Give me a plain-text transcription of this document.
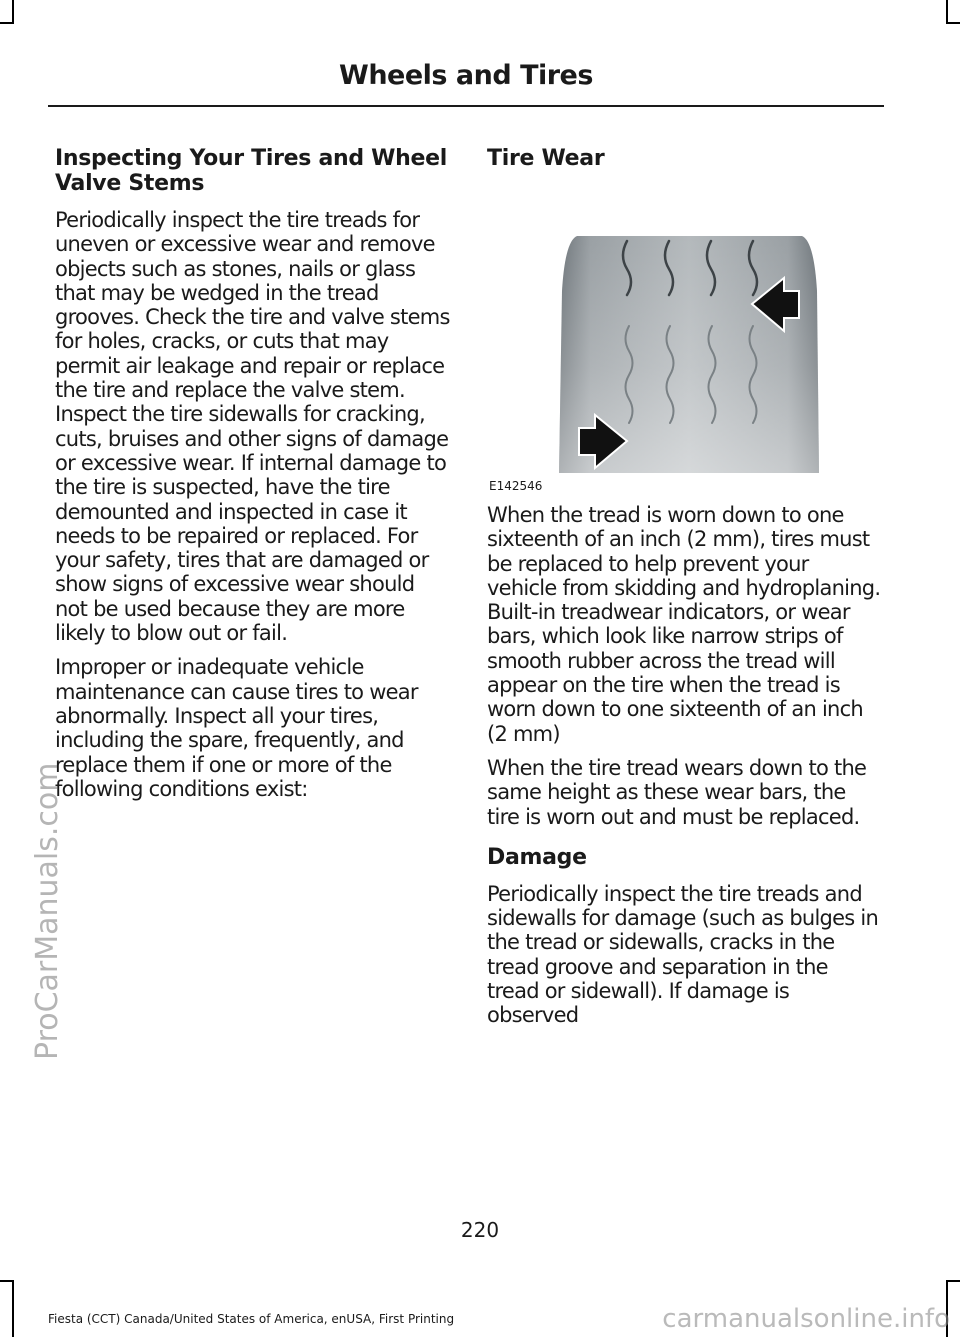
Wheels and Tires
Inspecting Your Tires and Wheel Valve Stems

Periodically inspect the tire treads for uneven or excessive wear and remove objects such as stones, nails or glass that may be wedged in the tread grooves. Check the tire and valve stems for holes, cracks, or cuts that may permit air leakage and repair or replace the tire and replace the valve stem. Inspect the tire sidewalls for cracking, cuts, bruises and other signs of damage or excessive wear. If internal damage to the tire is suspected, have the tire demounted and inspected in case it needs to be repaired or replaced. For your safety, tires that are damaged or show signs of excessive wear should not be used because they are more likely to blow out or fail.

Improper or inadequate vehicle maintenance can cause tires to wear abnormally. Inspect all your tires, including the spare, frequently, and replace them if one or more of the following conditions exist:

Tire Wear
E142546

When the tread is worn down to one sixteenth of an inch (2 mm), tires must be replaced to help prevent your vehicle from skidding and hydroplaning. Built-in treadwear indicators, or wear bars, which look like narrow strips of smooth rubber across the tread will appear on the tire when the tread is worn down to one sixteenth of an inch (2 mm)

When the tire tread wears down to the same height as these wear bars, the tire is worn out and must be replaced.

Damage

Periodically inspect the tire treads and sidewalls for damage (such as bulges in the tread or sidewalls, cracks in the tread groove and separation in the tread or sidewall). If damage is observed

220
Fiesta (CCT) Canada/United States of America, enUSA, First Printing
ProCarManuals.com
carmanualsonline.info
